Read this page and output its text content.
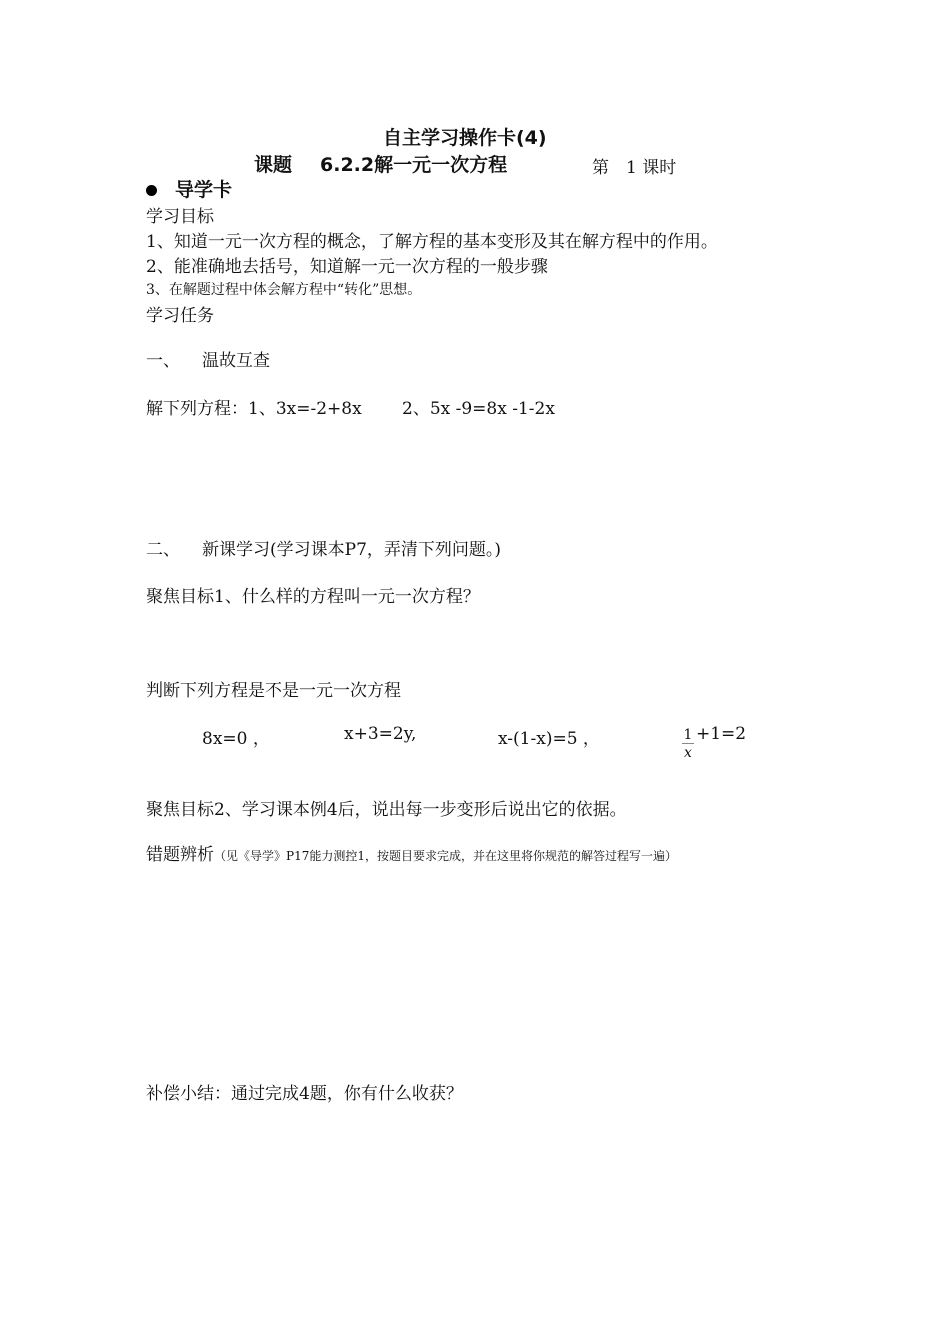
自主学习操作卡(4)
课题 6.2.2解一元一次方程	第　1 课时
导学卡
学习目标
1、知道一元一次方程的概念，了解方程的基本变形及其在解方程中的作用。
2、能准确地去括号，知道解一元一次方程的一般步骤
3、在解题过程中体会解方程中“转化”思想。
学习任务
一、 温故互查
解下列方程：1、3x=-2+8x 2、5x -9=8x -1-2x
二、 新课学习(学习课本P7，弄清下列问题。)
聚焦目标1、什么样的方程叫一元一次方程？
判断下列方程是不是一元一次方程
8x=0 ，	x+3=2y,	x-(1-x)=5 ，	1
x
+1=2
聚焦目标2、学习课本例4后，说出每一步变形后说出它的依据。
错题辨析（见《导学》P17能力测控1，按题目要求完成，并在这里将你规范的解答过程写一遍）
补偿小结：通过完成4题，你有什么收获？
